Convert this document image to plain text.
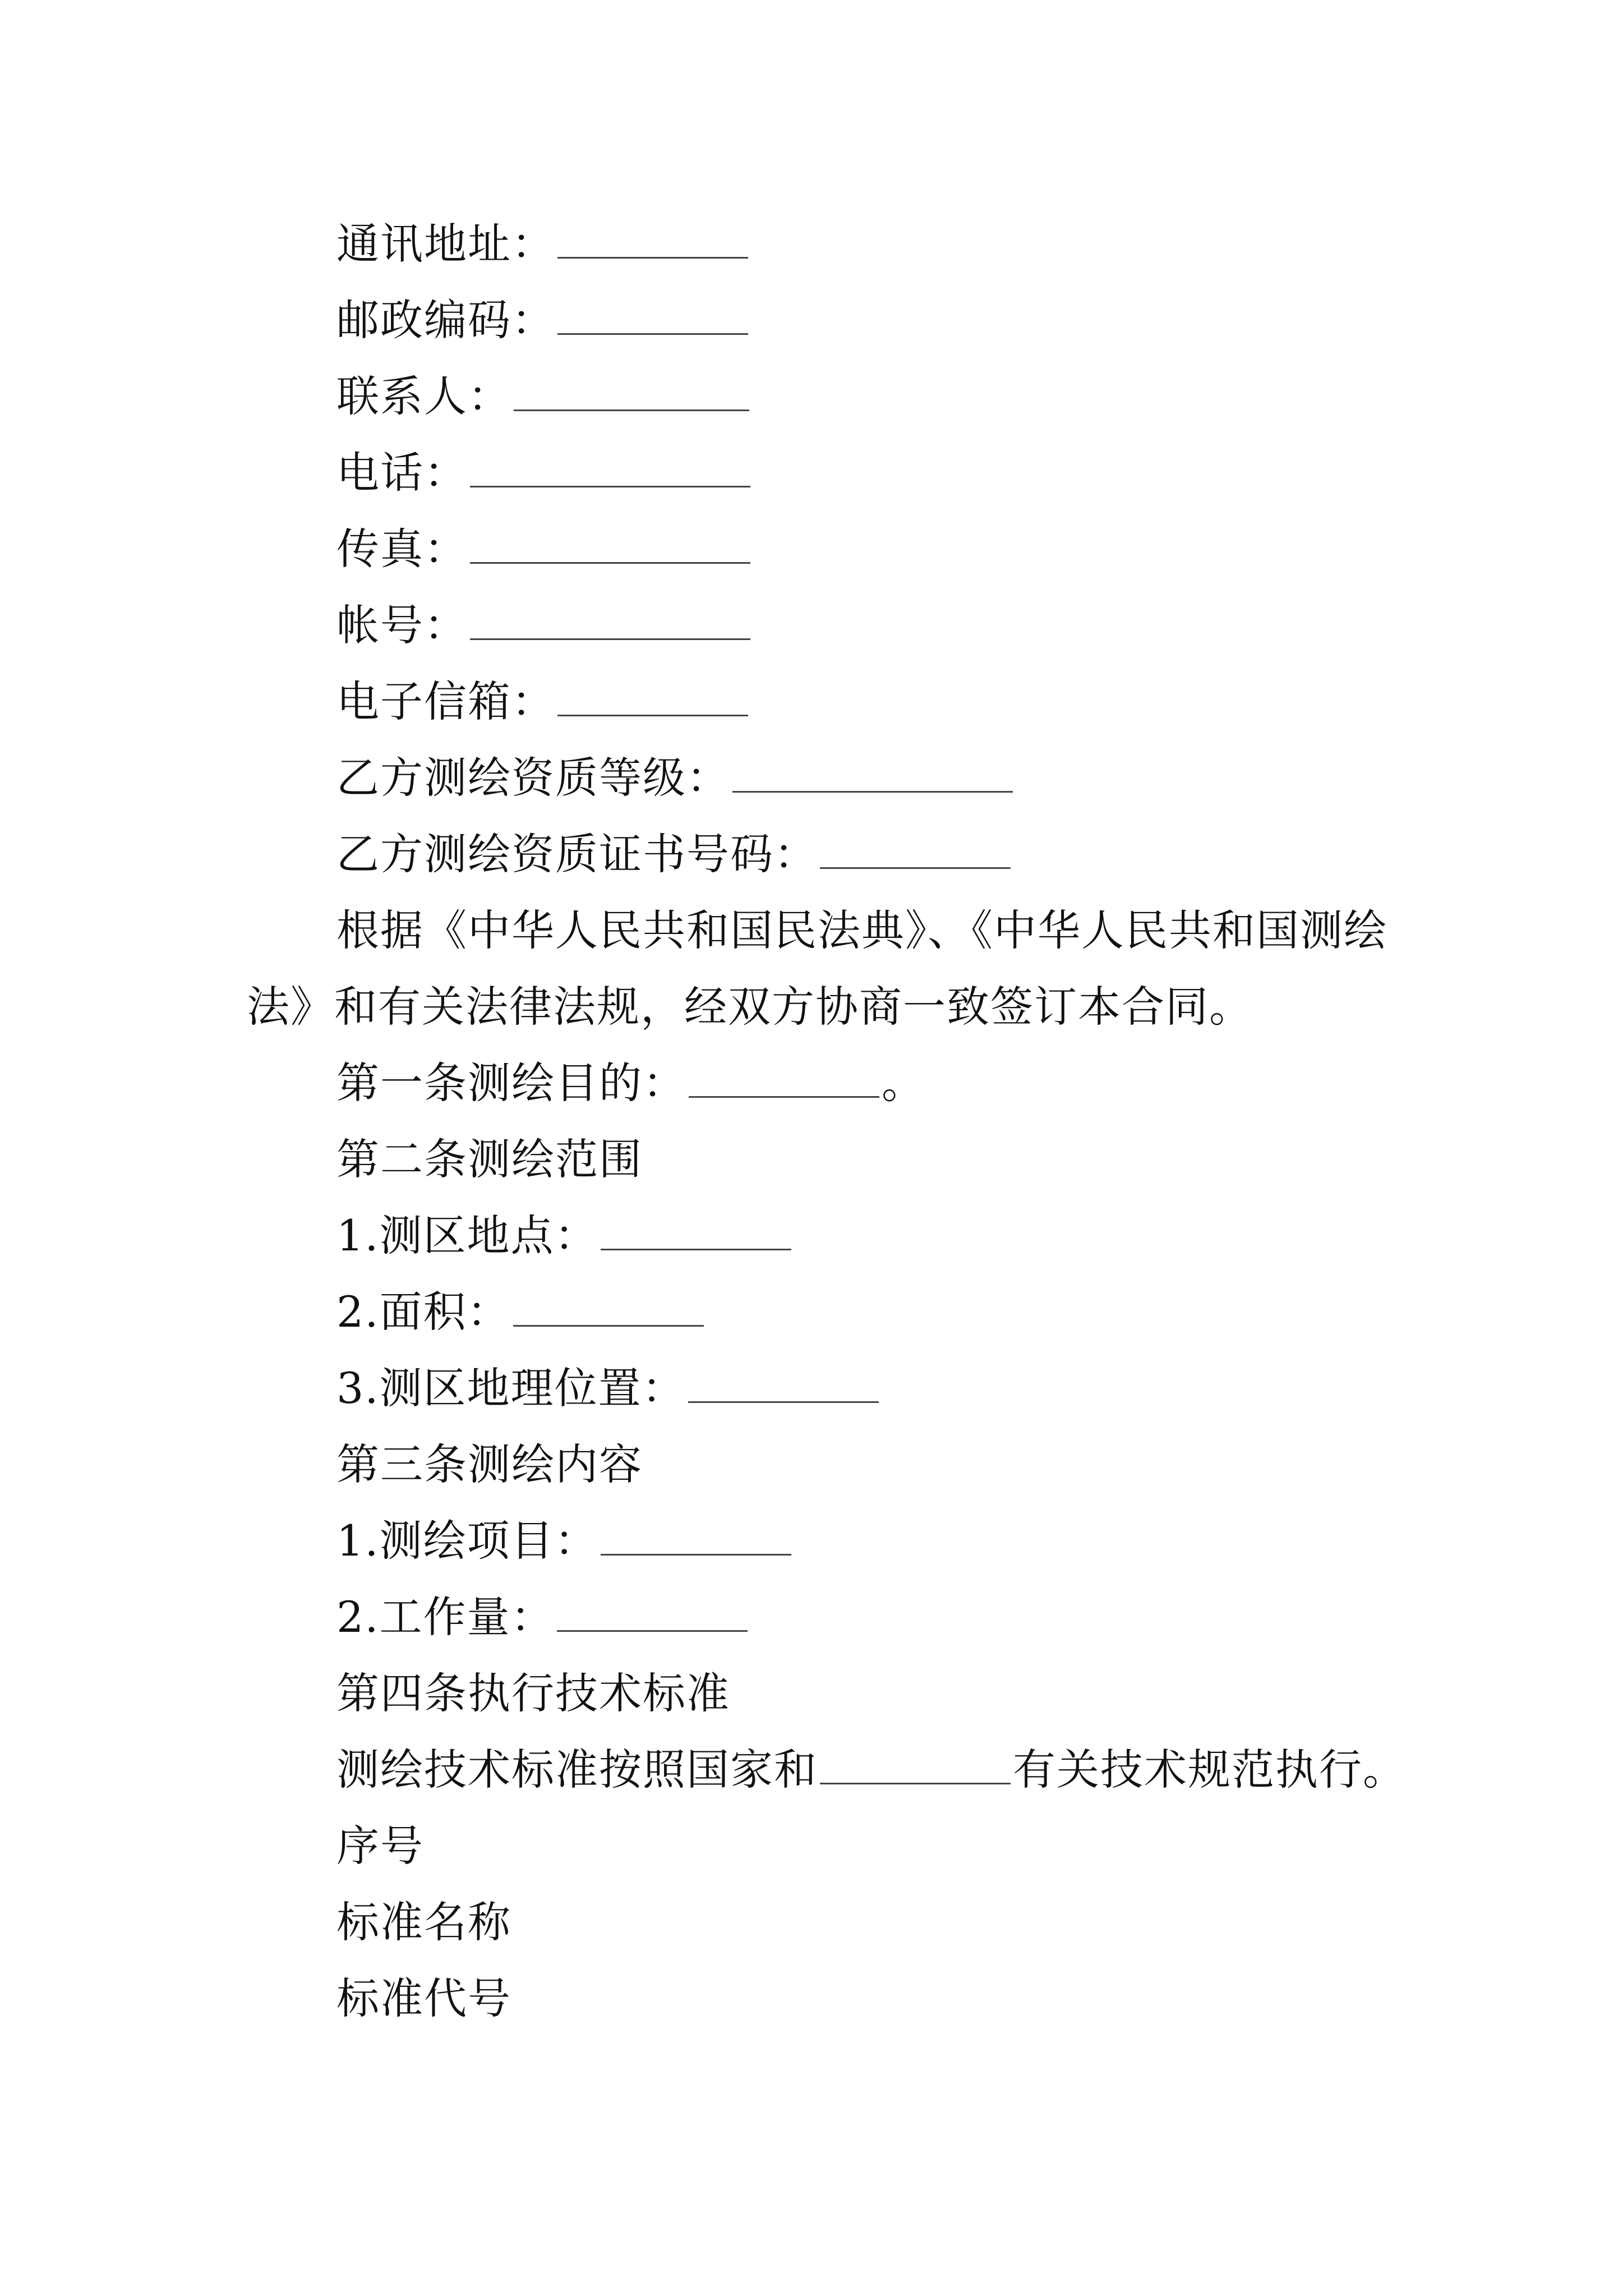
通讯地址：
邮政编码：
联系人：
电话：
传真：
帐号：
电子信箱：
乙方测绘资质等级：
乙方测绘资质证书号码：
根据《中华人民共和国民法典》、《中华人民共和国测绘
法》和有关法律法规，经双方协商一致签订本合同。
第一条测绘目的：	。
第二条测绘范围
1.测区地点：
2.面积：
3.测区地理位置：
第三条测绘内容
1.测绘项目：
2.工作量：
第四条执行技术标准
测绘技术标准按照国家和	有关技术规范执行。
序号
标准名称
标准代号
